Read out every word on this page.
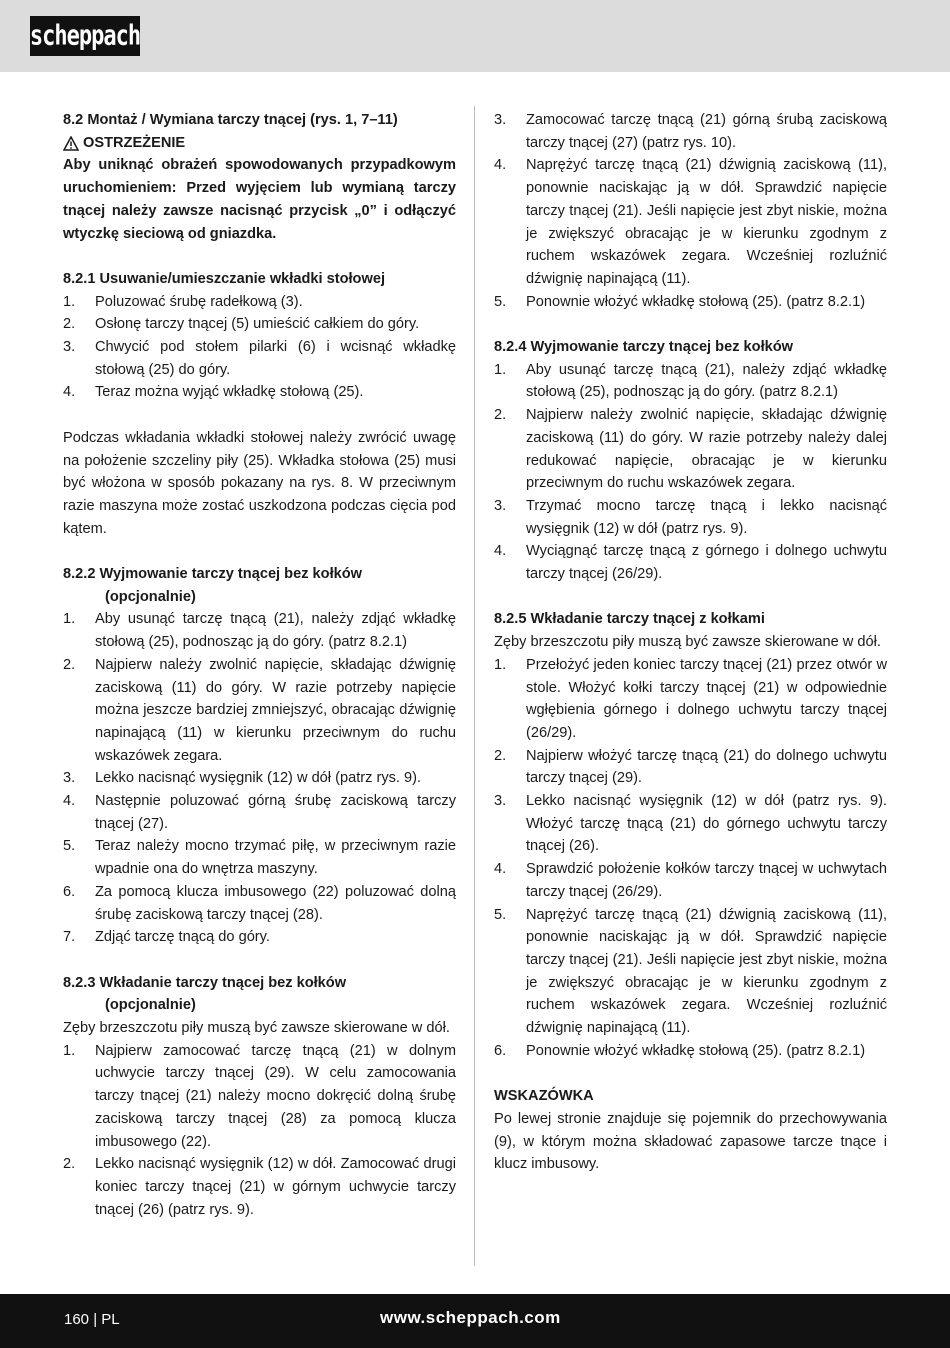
scheppach
8.2 Montaż / Wymiana tarczy tnącej (rys. 1, 7–11)
OSTRZEŻENIE
Aby uniknąć obrażeń spowodowanych przypadkowym uruchomieniem: Przed wyjęciem lub wymianą tarczy tnącej należy zawsze nacisnąć przycisk „0” i odłączyć wtyczkę sieciową od gniazdka.
8.2.1 Usuwanie/umieszczanie wkładki stołowej
1.	Poluzować śrubę radełkową (3).
2.	Osłonę tarczy tnącej (5) umieścić całkiem do góry.
3.	Chwycić pod stołem pilarki (6) i wcisnąć wkładkę stołową (25) do góry.
4.	Teraz można wyjąć wkładkę stołową (25).
Podczas wkładania wkładki stołowej należy zwrócić uwagę na położenie szczeliny piły (25). Wkładka stołowa (25) musi być włożona w sposób pokazany na rys. 8. W przeciwnym razie maszyna może zostać uszkodzona podczas cięcia pod kątem.
8.2.2 Wyjmowanie tarczy tnącej bez kołków
(opcjonalnie)
1.	Aby usunąć tarczę tnącą (21), należy zdjąć wkładkę stołową (25), podnosząc ją do góry. (patrz 8.2.1)
2.	Najpierw należy zwolnić napięcie, składając dźwignię zaciskową (11) do góry. W razie potrzeby napięcie można jeszcze bardziej zmniejszyć, obracając dźwignię napinającą (11) w kierunku przeciwnym do ruchu wskazówek zegara.
3.	Lekko nacisnąć wysięgnik (12) w dół (patrz rys. 9).
4.	Następnie poluzować górną śrubę zaciskową tarczy tnącej (27).
5.	Teraz należy mocno trzymać piłę, w przeciwnym razie wpadnie ona do wnętrza maszyny.
6.	Za pomocą klucza imbusowego (22) poluzować dolną śrubę zaciskową tarczy tnącej (28).
7.	Zdjąć tarczę tnącą do góry.
8.2.3 Wkładanie tarczy tnącej bez kołków
(opcjonalnie)
Zęby brzeszczotu piły muszą być zawsze skierowane w dół.
1.	Najpierw zamocować tarczę tnącą (21) w dolnym uchwycie tarczy tnącej (29). W celu zamocowania tarczy tnącej (21) należy mocno dokręcić dolną śrubę zaciskową tarczy tnącej (28) za pomocą klucza imbusowego (22).
2.	Lekko nacisnąć wysięgnik (12) w dół. Zamocować drugi koniec tarczy tnącej (21) w górnym uchwycie tarczy tnącej (26) (patrz rys. 9).
3.	Zamocować tarczę tnącą (21) górną śrubą zaciskową tarczy tnącej (27) (patrz rys. 10).
4.	Naprężyć tarczę tnącą (21) dźwignią zaciskową (11), ponownie naciskając ją w dół. Sprawdzić napięcie tarczy tnącej (21). Jeśli napięcie jest zbyt niskie, można je zwiększyć obracając je w kierunku zgodnym z ruchem wskazówek zegara. Wcześniej rozluźnić dźwignię napinającą (11).
5.	Ponownie włożyć wkładkę stołową (25). (patrz 8.2.1)
8.2.4 Wyjmowanie tarczy tnącej bez kołków
1.	Aby usunąć tarczę tnącą (21), należy zdjąć wkładkę stołową (25), podnosząc ją do góry. (patrz 8.2.1)
2.	Najpierw należy zwolnić napięcie, składając dźwignię zaciskową (11) do góry. W razie potrzeby należy dalej redukować napięcie, obracając je w kierunku przeciwnym do ruchu wskazówek zegara.
3.	Trzymać mocno tarczę tnącą i lekko nacisnąć wysięgnik (12) w dół (patrz rys. 9).
4.	Wyciągnąć tarczę tnącą z górnego i dolnego uchwytu tarczy tnącej (26/29).
8.2.5 Wkładanie tarczy tnącej z kołkami
Zęby brzeszczotu piły muszą być zawsze skierowane w dół.
1.	Przełożyć jeden koniec tarczy tnącej (21) przez otwór w stole. Włożyć kołki tarczy tnącej (21) w odpowiednie wgłębienia górnego i dolnego uchwytu tarczy tnącej (26/29).
2.	Najpierw włożyć tarczę tnącą (21) do dolnego uchwytu tarczy tnącej (29).
3.	Lekko nacisnąć wysięgnik (12) w dół (patrz rys. 9). Włożyć tarczę tnącą (21) do górnego uchwytu tarczy tnącej (26).
4.	Sprawdzić położenie kołków tarczy tnącej w uchwytach tarczy tnącej (26/29).
5.	Naprężyć tarczę tnącą (21) dźwignią zaciskową (11), ponownie naciskając ją w dół. Sprawdzić napięcie tarczy tnącej (21). Jeśli napięcie jest zbyt niskie, można je zwiększyć obracając je w kierunku zgodnym z ruchem wskazówek zegara. Wcześniej rozluźnić dźwignię napinającą (11).
6.	Ponownie włożyć wkładkę stołową (25). (patrz 8.2.1)
WSKAZÓWKA
Po lewej stronie znajduje się pojemnik do przechowywania (9), w którym można składować zapasowe tarcze tnące i klucz imbusowy.
160 | PL	www.scheppach.com
